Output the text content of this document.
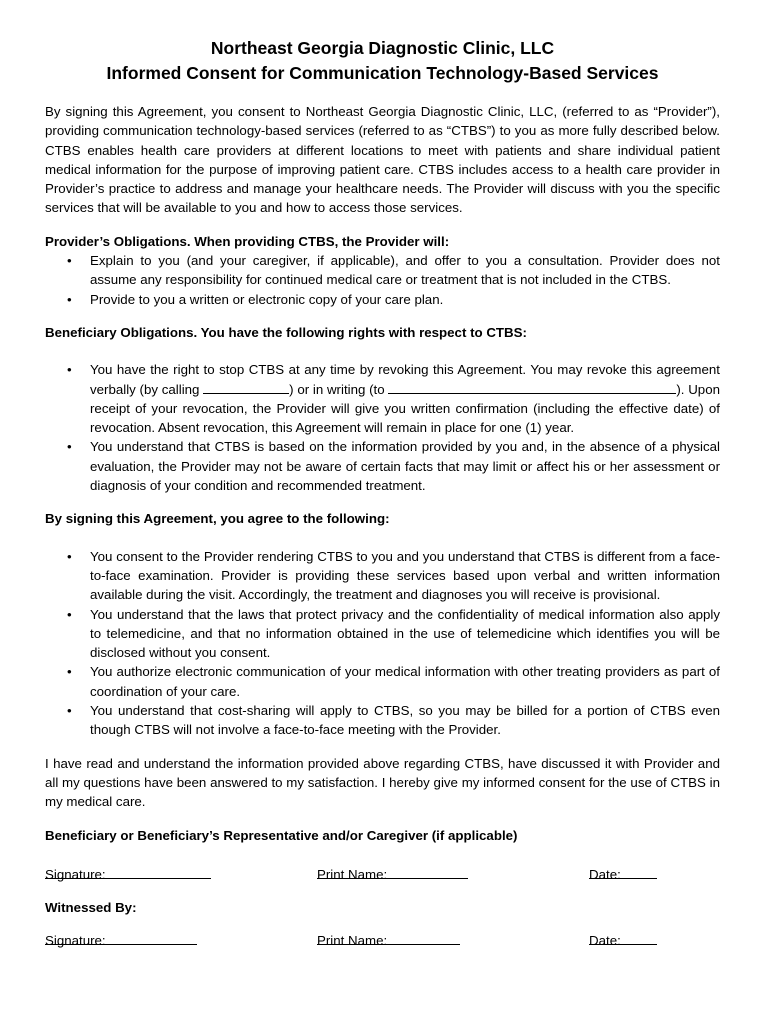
Northeast Georgia Diagnostic Clinic, LLC
Informed Consent for Communication Technology-Based Services

By signing this Agreement, you consent to Northeast Georgia Diagnostic Clinic, LLC, (referred to as “Provider”), providing communication technology-based services (referred to as “CTBS”) to you as more fully described below. CTBS enables health care providers at different locations to meet with patients and share individual patient medical information for the purpose of improving patient care. CTBS includes access to a health care provider in Provider’s practice to address and manage your healthcare needs. The Provider will discuss with you the specific services that will be available to you and how to access those services.

Provider’s Obligations. When providing CTBS, the Provider will:

• Explain to you (and your caregiver, if applicable), and offer to you a consultation. Provider does not assume any responsibility for continued medical care or treatment that is not included in the CTBS.
• Provide to you a written or electronic copy of your care plan.

Beneficiary Obligations. You have the following rights with respect to CTBS:

• You have the right to stop CTBS at any time by revoking this Agreement. You may revoke this agreement verbally (by calling	) or in writing (to	). Upon receipt of your revocation, the Provider will give you written confirmation (including the effective date) of revocation. Absent revocation, this Agreement will remain in place for one (1) year.
• You understand that CTBS is based on the information provided by you and, in the absence of a physical evaluation, the Provider may not be aware of certain facts that may limit or affect his or her assessment or diagnosis of your condition and recommended treatment.

By signing this Agreement, you agree to the following:

• You consent to the Provider rendering CTBS to you and you understand that CTBS is different from a face-to-face examination. Provider is providing these services based upon verbal and written information available during the visit. Accordingly, the treatment and diagnoses you will receive is provisional.
• You understand that the laws that protect privacy and the confidentiality of medical information also apply to telemedicine, and that no information obtained in the use of telemedicine which identifies you will be disclosed without you consent.
• You authorize electronic communication of your medical information with other treating providers as part of coordination of your care.
• You understand that cost-sharing will apply to CTBS, so you may be billed for a portion of CTBS even though CTBS will not involve a face-to-face meeting with the Provider.

I have read and understand the information provided above regarding CTBS, have discussed it with Provider and all my questions have been answered to my satisfaction. I hereby give my informed consent for the use of CTBS in my medical care.

Beneficiary or Beneficiary’s Representative and/or Caregiver (if applicable)

Signature:	Print Name:	Date:

Witnessed By:

Signature:	Print Name:	Date:
